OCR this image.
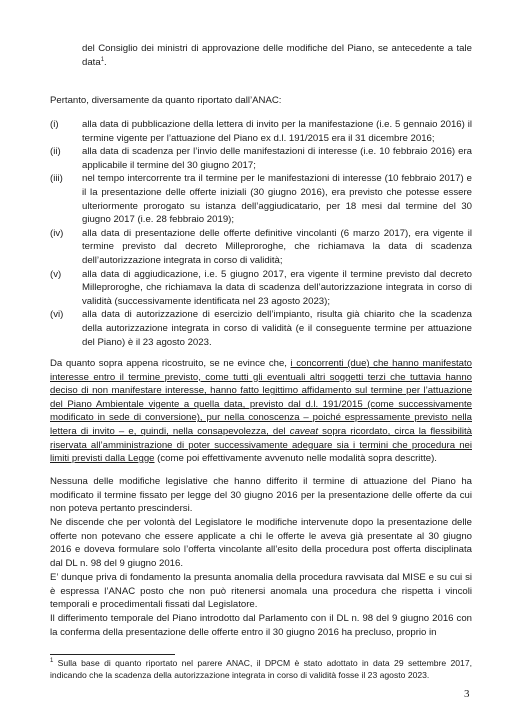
del Consiglio dei ministri di approvazione delle modifiche del Piano, se antecedente a tale data$^1$.

Pertanto, diversamente da quanto riportato dall’ANAC:

(i)	alla data di pubblicazione della lettera di invito per la manifestazione (i.e. 5 gennaio 2016) il termine vigente per l’attuazione del Piano ex d.l. 191/2015 era il 31 dicembre 2016;
(ii)	alla data di scadenza per l’invio delle manifestazioni di interesse (i.e. 10 febbraio 2016) era applicabile il termine del 30 giugno 2017;
(iii)	nel tempo intercorrente tra il termine per le manifestazioni di interesse (10 febbraio 2017) e il la presentazione delle offerte iniziali (30 giugno 2016), era previsto che potesse essere ulteriormente prorogato su istanza dell’aggiudicatario, per 18 mesi dal termine del 30 giugno 2017 (i.e. 28 febbraio 2019);
(iv)	alla data di presentazione delle offerte definitive vincolanti (6 marzo 2017), era vigente il termine previsto dal decreto Milleproroghe, che richiamava la data di scadenza dell’autorizzazione integrata in corso di validità;
(v)	alla data di aggiudicazione, i.e. 5 giugno 2017, era vigente il termine previsto dal decreto Milleproroghe, che richiamava la data di scadenza dell’autorizzazione integrata in corso di validità (successivamente identificata nel 23 agosto 2023);
(vi)	alla data di autorizzazione di esercizio dell’impianto, risulta già chiarito che la scadenza della autorizzazione integrata in corso di validità (e il conseguente termine per attuazione del Piano) è il 23 agosto 2023.

Da quanto sopra appena ricostruito, se ne evince che, i concorrenti (due) che hanno manifestato interesse entro il termine previsto, come tutti gli eventuali altri soggetti terzi che tuttavia hanno deciso di non manifestare interesse, hanno fatto legittimo affidamento sul termine per l’attuazione del Piano Ambientale vigente a quella data, previsto dal d.l. 191/2015 (come successivamente modificato in sede di conversione), pur nella conoscenza – poiché espressamente previsto nella lettera di invito – e, quindi, nella consapevolezza, del caveat sopra ricordato, circa la flessibilità riservata all’amministrazione di poter successivamente adeguare sia i termini che procedura nei limiti previsti dalla Legge (come poi effettivamente avvenuto nelle modalità sopra descritte).

Nessuna delle modifiche legislative che hanno differito il termine di attuazione del Piano ha modificato il termine fissato per legge del 30 giugno 2016 per la presentazione delle offerte da cui non poteva pertanto prescindersi.

Ne discende che per volontà del Legislatore le modifiche intervenute dopo la presentazione delle offerte non potevano che essere applicate a chi le offerte le aveva già presentate al 30 giugno 2016 e doveva formulare solo l’offerta vincolante all’esito della procedura post offerta disciplinata dal DL n. 98 del 9 giugno 2016.

E’ dunque priva di fondamento la presunta anomalia della procedura ravvisata dal MISE e su cui si è espressa l’ANAC posto che non può ritenersi anomala una procedura che rispetta i vincoli temporali e procedimentali fissati dal Legislatore.

Il differimento temporale del Piano introdotto dal Parlamento con il DL n. 98 del 9 giugno 2016 con la conferma della presentazione delle offerte entro il 30 giugno 2016 ha precluso, proprio in

$^1$ Sulla base di quanto riportato nel parere ANAC, il DPCM è stato adottato in data 29 settembre 2017, indicando che la scadenza della autorizzazione integrata in corso di validità fosse il 23 agosto 2023.

3
